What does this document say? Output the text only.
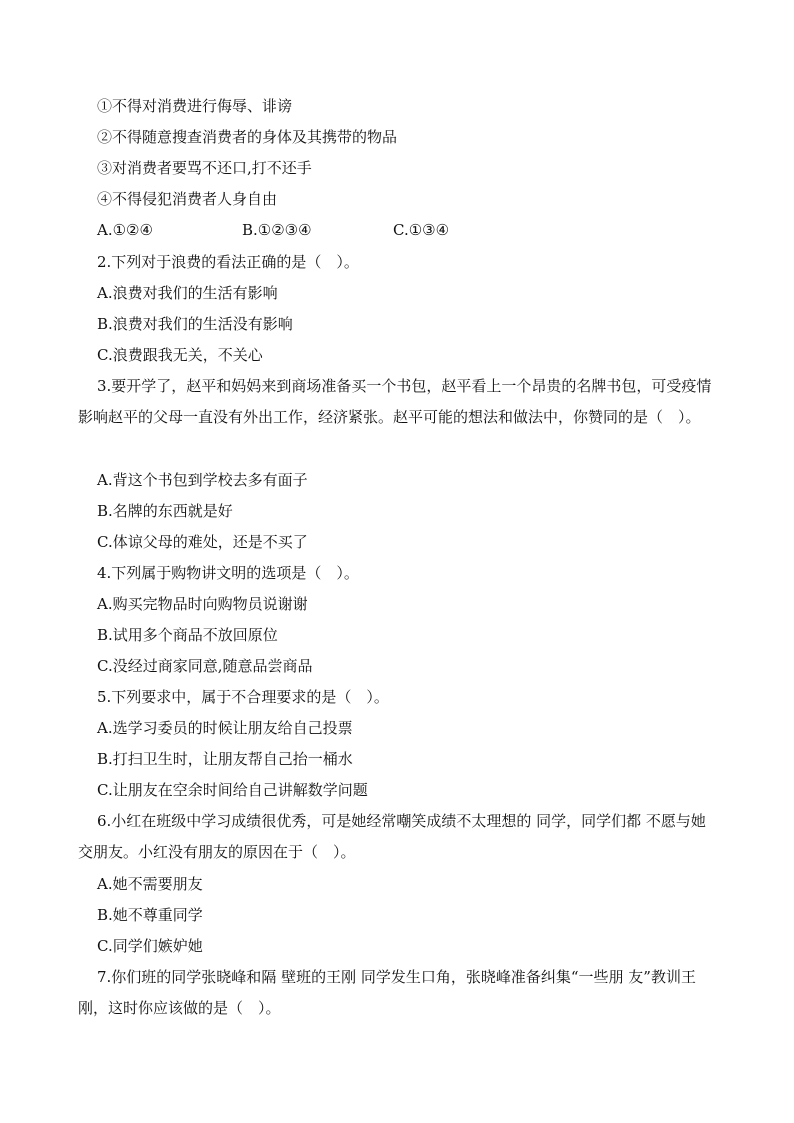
①不得对消费进行侮辱、诽谤
②不得随意搜查消费者的身体及其携带的物品
③对消费者要骂不还口,打不还手
④不得侵犯消费者人身自由
A.①②④	B.①②③④	C.①③④
2.下列对于浪费的看法正确的是（　）。
A.浪费对我们的生活有影响
B.浪费对我们的生活没有影响
C.浪费跟我无关，不关心
3.要开学了，赵平和妈妈来到商场准备买一个书包，赵平看上一个昂贵的名牌书包，可受疫情影响赵平的父母一直没有外出工作，经济紧张。赵平可能的想法和做法中，你赞同的是（　）。
A.背这个书包到学校去多有面子
B.名牌的东西就是好
C.体谅父母的难处，还是不买了
4.下列属于购物讲文明的选项是（　）。
A.购买完物品时向购物员说谢谢
B.试用多个商品不放回原位
C.没经过商家同意,随意品尝商品
5.下列要求中，属于不合理要求的是（　）。
A.选学习委员的时候让朋友给自己投票
B.打扫卫生时，让朋友帮自己抬一桶水
C.让朋友在空余时间给自己讲解数学问题
6.小红在班级中学习成绩很优秀，可是她经常嘲笑成绩不太理想的 同学，同学们都 不愿与她交朋友。小红没有朋友的原因在于（　）。
A.她不需要朋友
B.她不尊重同学
C.同学们嫉妒她
7.你们班的同学张晓峰和隔 壁班的王刚 同学发生口角，张晓峰准备纠集“一些朋 友”教训王刚，这时你应该做的是（　）。
